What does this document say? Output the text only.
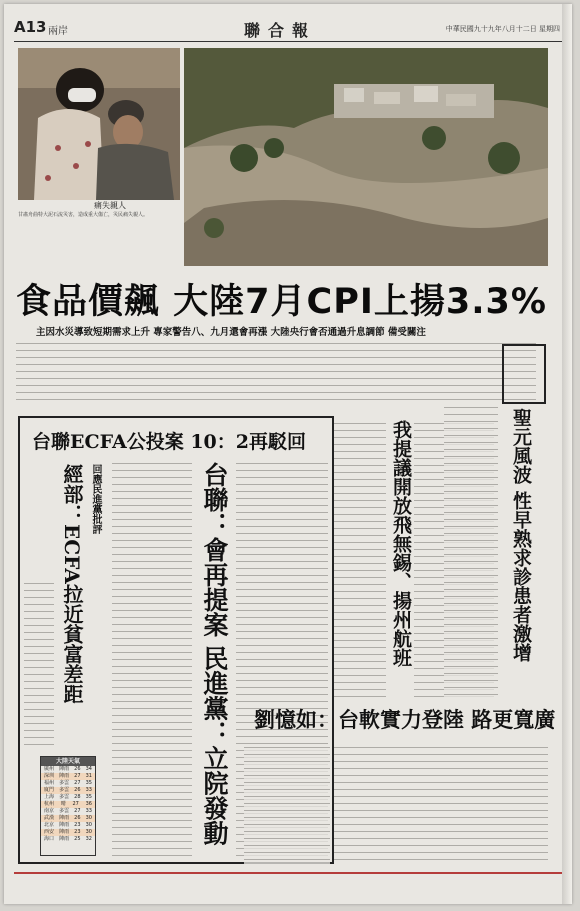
A13 兩岸	聯合報	中華民國九十九年八月十二日 星期四
痛失親人
甘肅舟曲特大泥石流災害，造成重大傷亡，災民痛失親人。
食品價飆 大陸7月CPI上揚3.3%
主因水災導致短期需求上升 專家警告八、九月還會再漲 大陸央行會否通過升息調節 備受關注
台聯ECFA公投案 10：2再駁回
台聯：會再提案 民進黨：立院發動
回應民進黨批評
經部：ECFA拉近貧富差距
大陸天氣
廣州 陣雨 26 34
深圳 陣雨 27 31
福州 多雲 27 35
廈門 多雲 26 33
上海 多雲 28 35
杭州 晴 27 36
南京 多雲 27 33
武漢 陣雨 26 30
北京 陣雨 23 30
西安 陣雨 23 30
海口 陣雨 25 32
我提議開放飛無錫、揚州航班	聖元風波 性早熟求診患者激增
劉憶如：台軟實力登陸 路更寬廣
